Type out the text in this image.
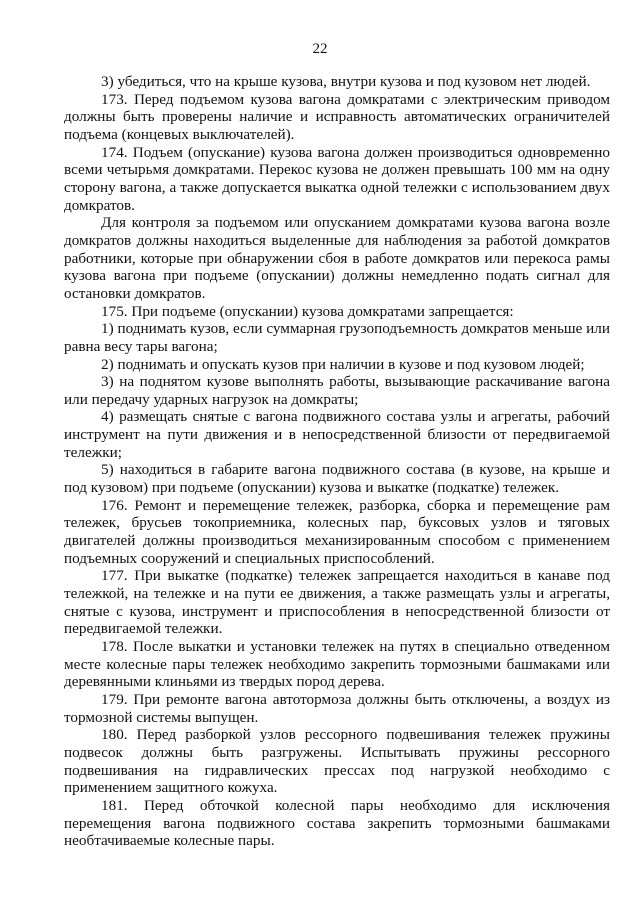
22

3) убедиться, что на крыше кузова, внутри кузова и под кузовом нет людей.

173. Перед подъемом кузова вагона домкратами с электрическим приводом должны быть проверены наличие и исправность автоматических ограничителей подъема (концевых выключателей).

174. Подъем (опускание) кузова вагона должен производиться одновременно всеми четырьмя домкратами. Перекос кузова не должен превышать 100 мм на одну сторону вагона, а также допускается выкатка одной тележки с использованием двух домкратов.

Для контроля за подъемом или опусканием домкратами кузова вагона возле домкратов должны находиться выделенные для наблюдения за работой домкратов работники, которые при обнаружении сбоя в работе домкратов или перекоса рамы кузова вагона при подъеме (опускании) должны немедленно подать сигнал для остановки домкратов.

175. При подъеме (опускании) кузова домкратами запрещается:

1) поднимать кузов, если суммарная грузоподъемность домкратов меньше или равна весу тары вагона;

2) поднимать и опускать кузов при наличии в кузове и под кузовом людей;

3) на поднятом кузове выполнять работы, вызывающие раскачивание вагона или передачу ударных нагрузок на домкраты;

4) размещать снятые с вагона подвижного состава узлы и агрегаты, рабочий инструмент на пути движения и в непосредственной близости от передвигаемой тележки;

5) находиться в габарите вагона подвижного состава (в кузове, на крыше и под кузовом) при подъеме (опускании) кузова и выкатке (подкатке) тележек.

176. Ремонт и перемещение тележек, разборка, сборка и перемещение рам тележек, брусьев токоприемника, колесных пар, буксовых узлов и тяговых двигателей должны производиться механизированным способом с применением подъемных сооружений и специальных приспособлений.

177. При выкатке (подкатке) тележек запрещается находиться в канаве под тележкой, на тележке и на пути ее движения, а также размещать узлы и агрегаты, снятые с кузова, инструмент и приспособления в непосредственной близости от передвигаемой тележки.

178. После выкатки и установки тележек на путях в специально отведенном месте колесные пары тележек необходимо закрепить тормозными башмаками или деревянными клиньями из твердых пород дерева.

179. При ремонте вагона автотормоза должны быть отключены, а воздух из тормозной системы выпущен.

180. Перед разборкой узлов рессорного подвешивания тележек пружины подвесок должны быть разгружены. Испытывать пружины рессорного подвешивания на гидравлических прессах под нагрузкой необходимо с применением защитного кожуха.

181. Перед обточкой колесной пары необходимо для исключения перемещения вагона подвижного состава закрепить тормозными башмаками необтачиваемые колесные пары.
